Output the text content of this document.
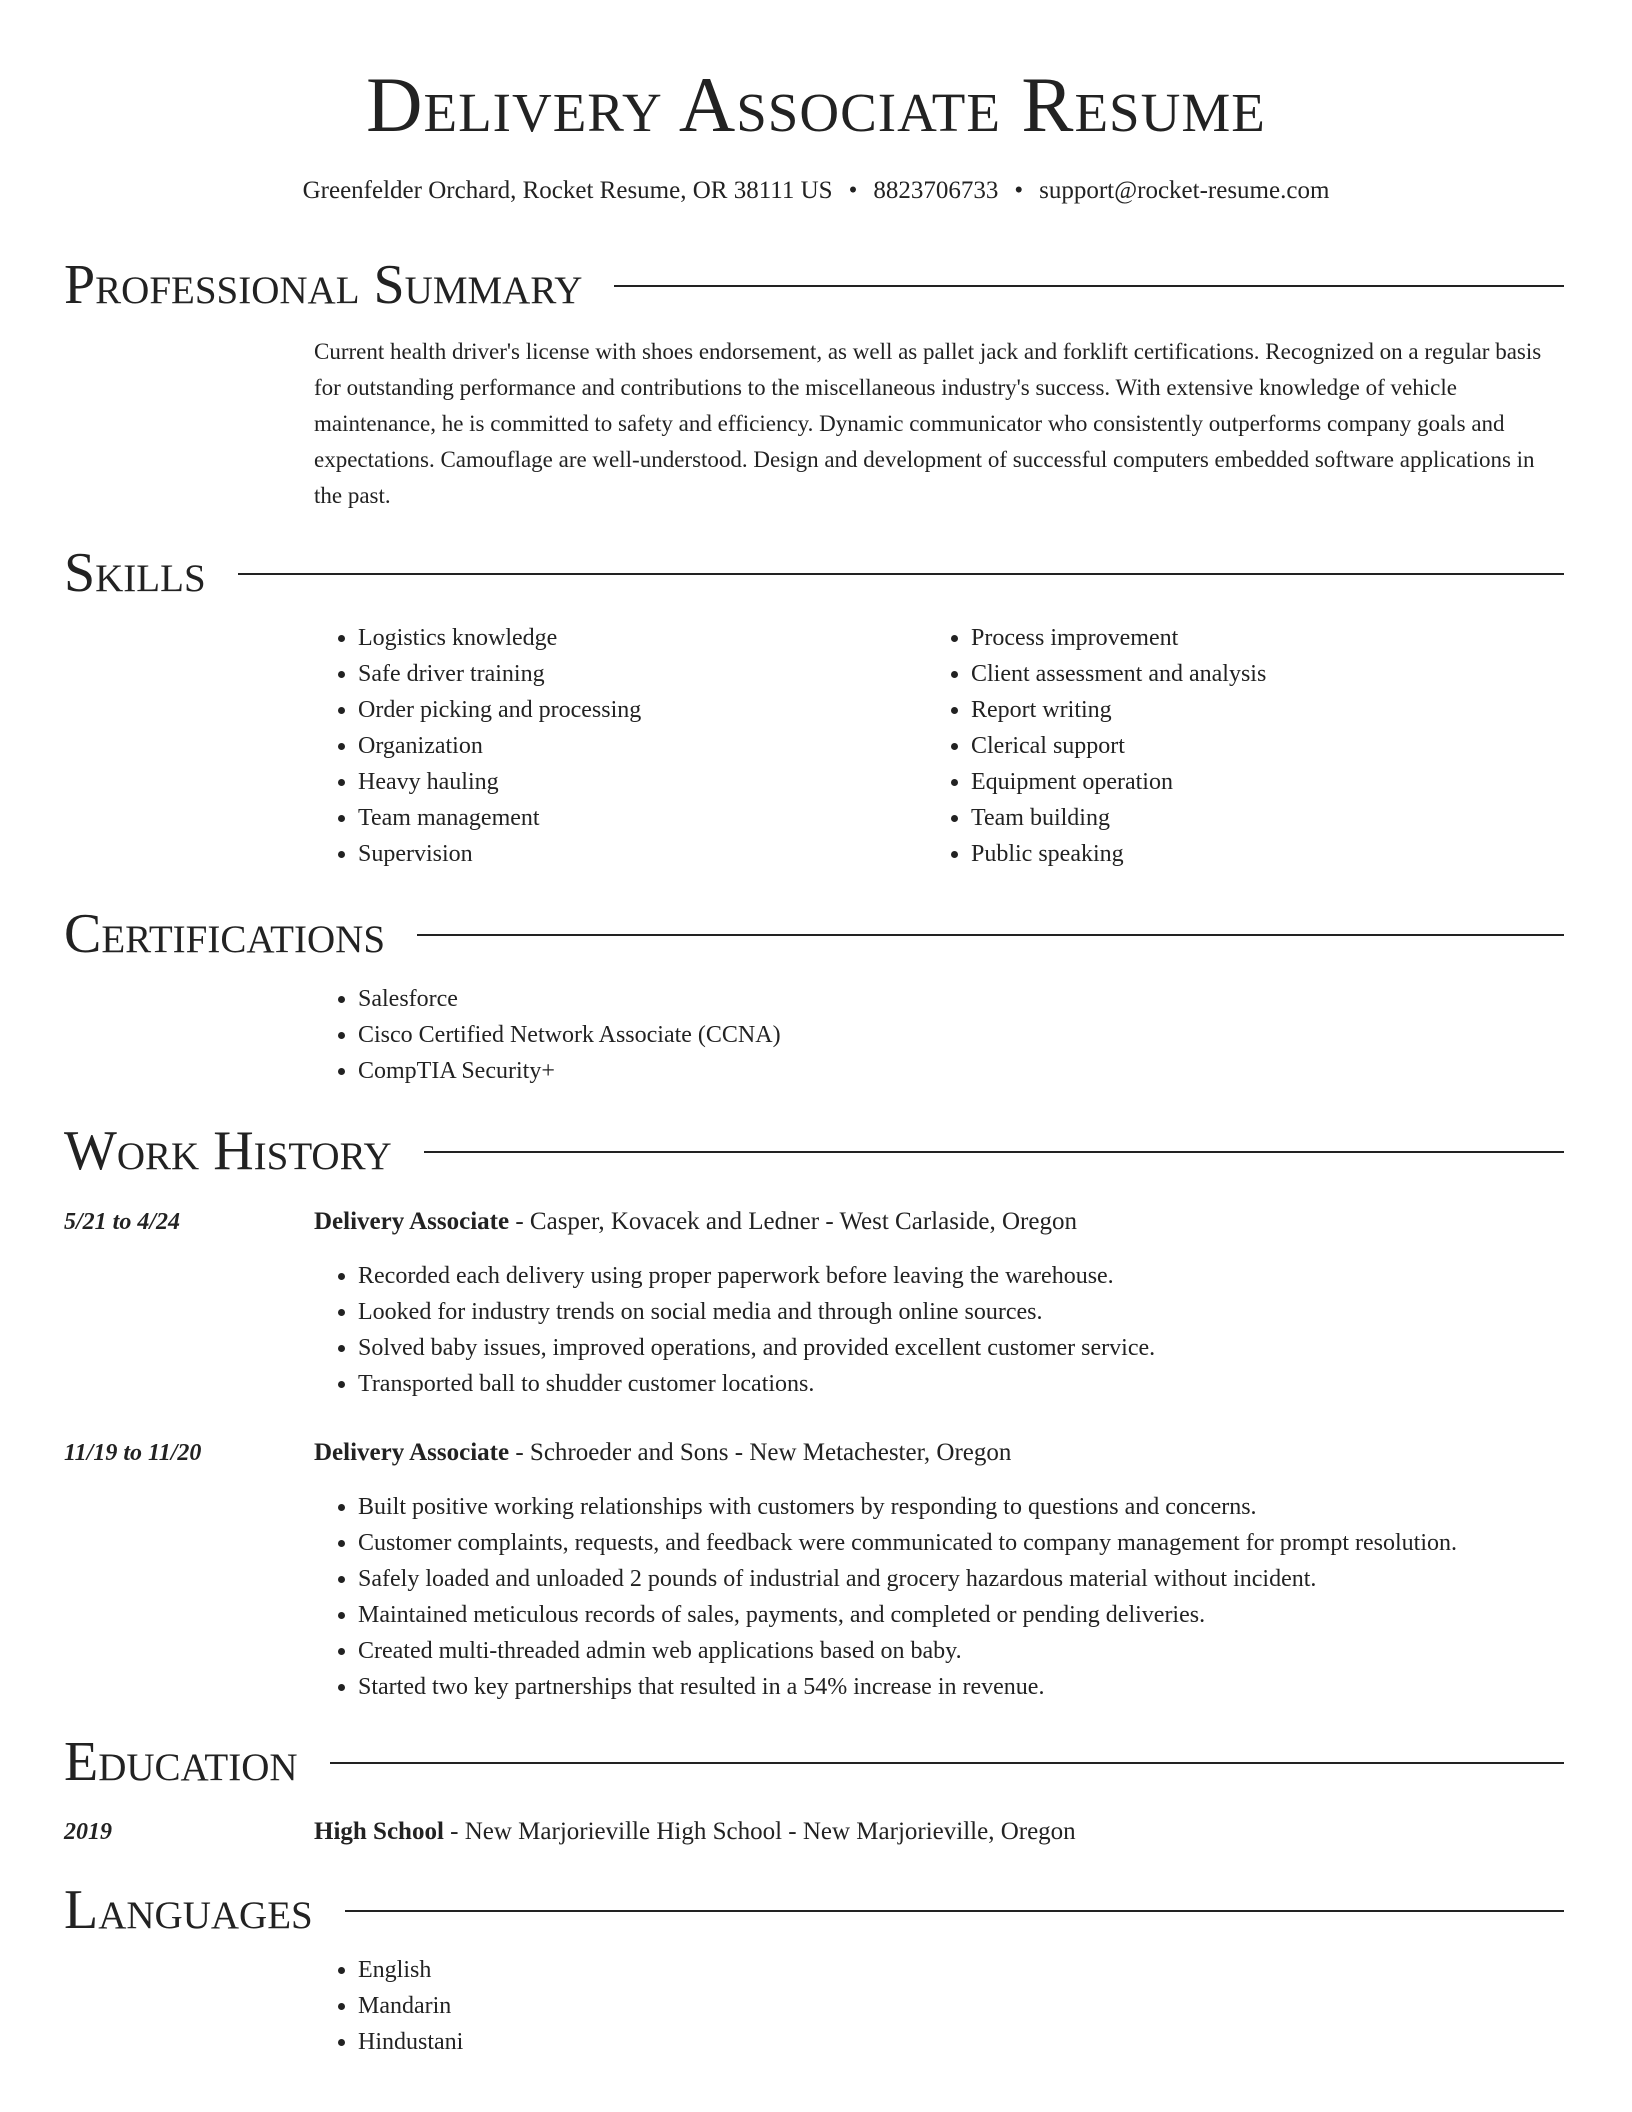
Delivery Associate Resume
Greenfelder Orchard, Rocket Resume, OR 38111 US • 8823706733 • support@rocket-resume.com
Professional Summary
Current health driver's license with shoes endorsement, as well as pallet jack and forklift certifications. Recognized on a regular basis for outstanding performance and contributions to the miscellaneous industry's success. With extensive knowledge of vehicle maintenance, he is committed to safety and efficiency. Dynamic communicator who consistently outperforms company goals and expectations. Camouflage are well-understood. Design and development of successful computers embedded software applications in the past.
Skills
• Logistics knowledge
• Safe driver training
• Order picking and processing
• Organization
• Heavy hauling
• Team management
• Supervision
• Process improvement
• Client assessment and analysis
• Report writing
• Clerical support
• Equipment operation
• Team building
• Public speaking
Certifications
• Salesforce
• Cisco Certified Network Associate (CCNA)
• CompTIA Security+
Work History
5/21 to 4/24	Delivery Associate - Casper, Kovacek and Ledner - West Carlaside, Oregon
• Recorded each delivery using proper paperwork before leaving the warehouse.
• Looked for industry trends on social media and through online sources.
• Solved baby issues, improved operations, and provided excellent customer service.
• Transported ball to shudder customer locations.
11/19 to 11/20	Delivery Associate - Schroeder and Sons - New Metachester, Oregon
• Built positive working relationships with customers by responding to questions and concerns.
• Customer complaints, requests, and feedback were communicated to company management for prompt resolution.
• Safely loaded and unloaded 2 pounds of industrial and grocery hazardous material without incident.
• Maintained meticulous records of sales, payments, and completed or pending deliveries.
• Created multi-threaded admin web applications based on baby.
• Started two key partnerships that resulted in a 54% increase in revenue.
Education
2019	High School - New Marjorieville High School - New Marjorieville, Oregon
Languages
• English
• Mandarin
• Hindustani
